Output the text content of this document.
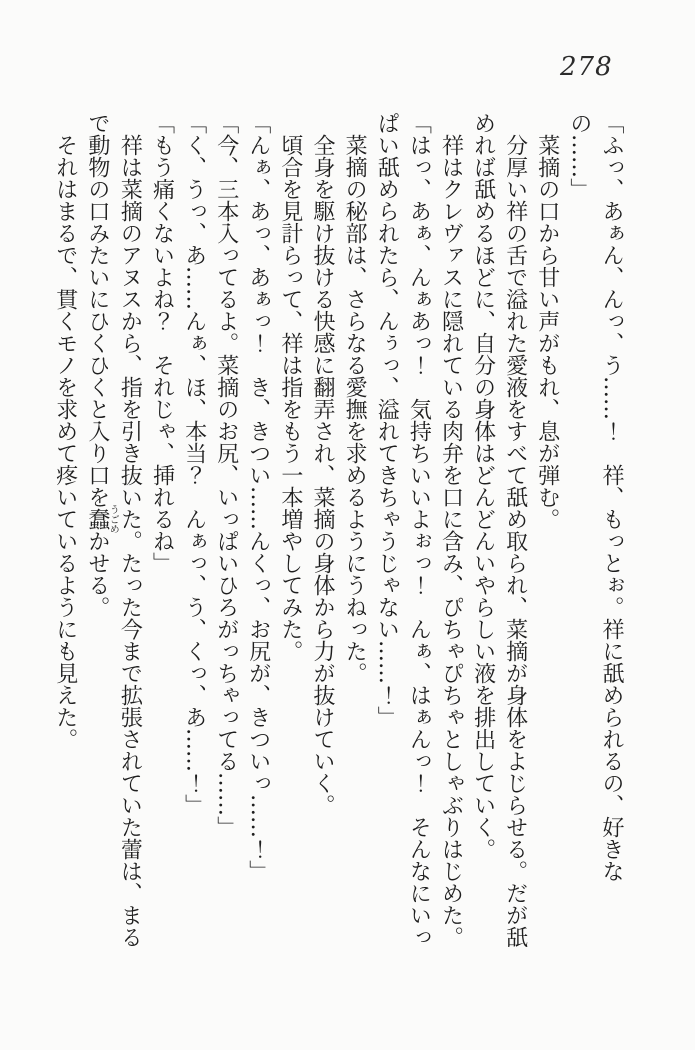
278

「ふっ、あぁん、んっ、う……！　祥、もっとぉ。祥に舐められるの、好きなの……」

菜摘の口から甘い声がもれ、息が弾む。

分厚い祥の舌で溢れた愛液をすべて舐め取られ、菜摘が身体をよじらせる。だが舐めれば舐めるほどに、自分の身体はどんどんいやらしい液を排出していく。

祥はクレヴァスに隠れている肉弁を口に含み、ぴちゃぴちゃとしゃぶりはじめた。

「はっ、あぁ、んぁあっ！　気持ちいいよぉっ！　んぁ、はぁんっ！　そんなにいっぱい舐められたら、んぅっ、溢れてきちゃうじゃない……！」

菜摘の秘部は、さらなる愛撫を求めるようにうねった。

全身を駆け抜ける快感に翻弄され、菜摘の身体から力が抜けていく。

頃合を見計らって、祥は指をもう一本増やしてみた。

「んぁ、あっ、あぁっ！　き、きつい……んくっ、お尻が、きついっ……！」

「今、三本入ってるよ。菜摘のお尻、いっぱいひろがっちゃってる……」

「く、うっ、あ……んぁ、ほ、本当？　んぁっ、う、くっ、あ……！」

「もう痛くないよね？　それじゃ、挿れるね」

祥は菜摘のアヌスから、指を引き抜いた。たった今まで拡張されていた蕾は、まるで動物の口みたいにひくひくと入り口を蠢うごめかせる。

それはまるで、貫くモノを求めて疼いているようにも見えた。
